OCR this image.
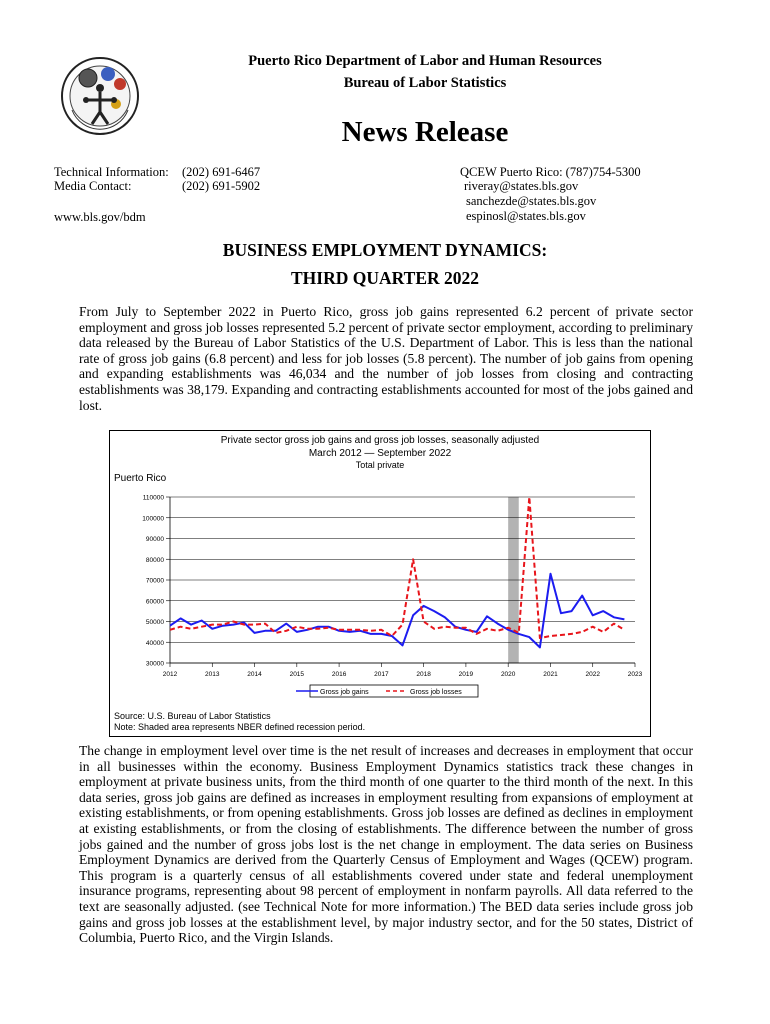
Puerto Rico Department of Labor and Human Resources
Bureau of Labor Statistics
News Release
Technical Information: (202) 691-6467
Media Contact:	(202) 691-5902
www.bls.gov/bdm
QCEW Puerto Rico: (787)754-5300
riveray@states.bls.gov
sanchezde@states.bls.gov
espinosl@states.bls.gov
BUSINESS EMPLOYMENT DYNAMICS:
THIRD QUARTER 2022
From July to September 2022 in Puerto Rico, gross job gains represented 6.2 percent of private sector employment and gross job losses represented 5.2 percent of private sector employment, according to preliminary data released by the Bureau of Labor Statistics of the U.S. Department of Labor. This is less than the national rate of gross job gains (6.8 percent) and less for job losses (5.8 percent). The number of job gains from opening and expanding establishments was 46,034 and the number of job losses from closing and contracting establishments was 38,179. Expanding and contracting establishments accounted for most of the jobs gained and lost.
Private sector gross job gains and gross job losses, seasonally adjusted
March 2012 — September 2022
Total private
Puerto Rico
30000
40000
50000
60000
70000
80000
90000
100000
110000
2012	2013	2014	2015	2016	2017	2018	2019	2020	2021	2022	2023
Gross job gains	Gross job losses
Source: U.S. Bureau of Labor Statistics
Note: Shaded area represents NBER defined recession period.
The change in employment level over time is the net result of increases and decreases in employment that occur in all businesses within the economy. Business Employment Dynamics statistics track these changes in employment at private business units, from the third month of one quarter to the third month of the next. In this data series, gross job gains are defined as increases in employment resulting from expansions of employment at existing establishments, or from opening establishments. Gross job losses are defined as declines in employment at existing establishments, or from the closing of establishments. The difference between the number of gross jobs gained and the number of gross jobs lost is the net change in employment. The data series on Business Employment Dynamics are derived from the Quarterly Census of Employment and Wages (QCEW) program. This program is a quarterly census of all establishments covered under state and federal unemployment insurance programs, representing about 98 percent of employment in nonfarm payrolls. All data referred to the text are seasonally adjusted. (see Technical Note for more information.) The BED data series include gross job gains and gross job losses at the establishment level, by major industry sector, and for the 50 states, District of Columbia, Puerto Rico, and the Virgin Islands.
